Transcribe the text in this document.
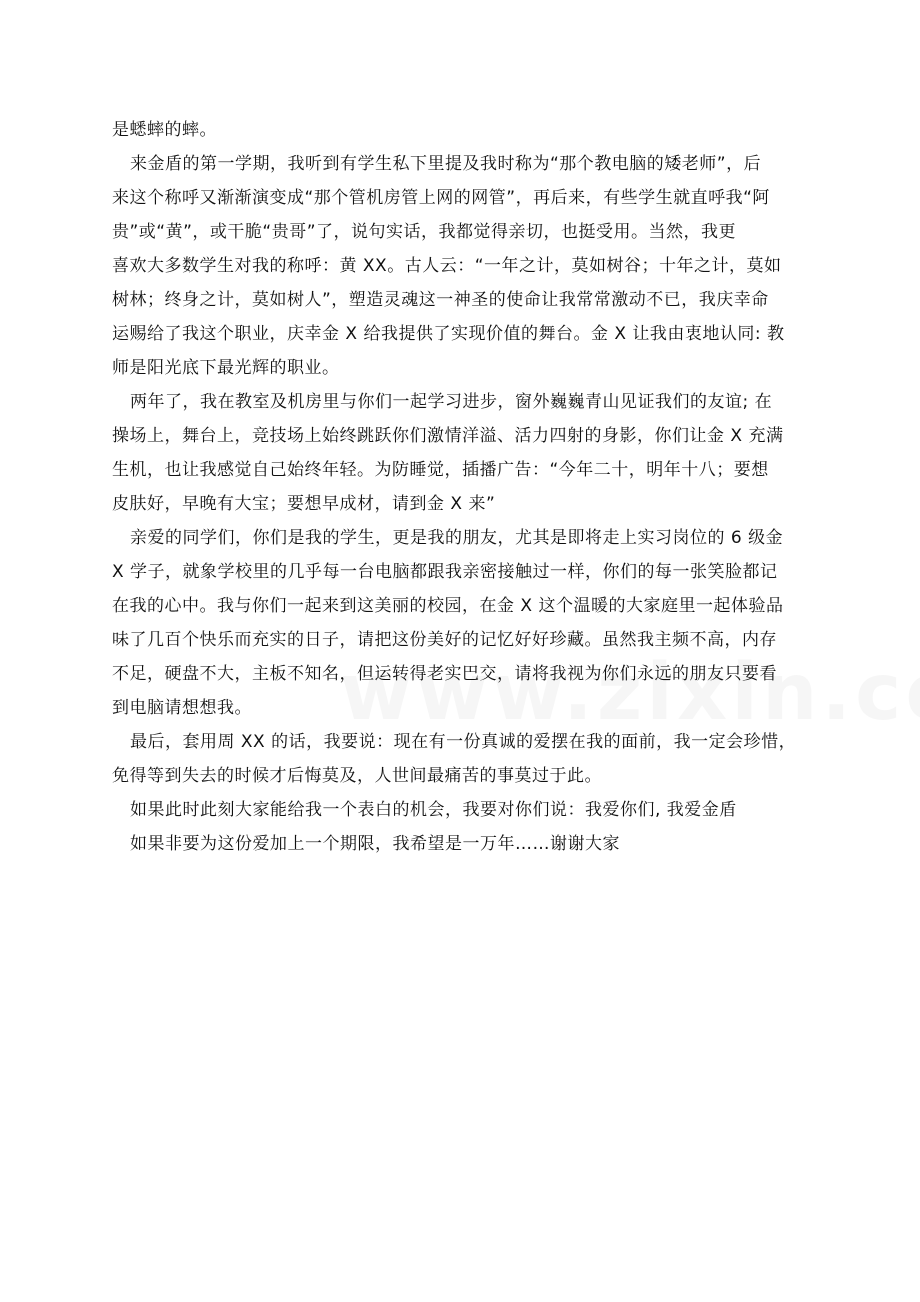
是蟋蟀的蟀。
来金盾的第一学期，我听到有学生私下里提及我时称为“那个教电脑的矮老师”，后
来这个称呼又渐渐演变成“那个管机房管上网的网管”，再后来，有些学生就直呼我“阿
贵”或“黄”，或干脆“贵哥”了，说句实话，我都觉得亲切，也挺受用。当然，我更
喜欢大多数学生对我的称呼：黄 XX。古人云：“一年之计，莫如树谷；十年之计，莫如
树林；终身之计，莫如树人”，塑造灵魂这一神圣的使命让我常常激动不已，我庆幸命
运赐给了我这个职业，庆幸金 X 给我提供了实现价值的舞台。金 X 让我由衷地认同: 教
师是阳光底下最光辉的职业。
两年了，我在教室及机房里与你们一起学习进步，窗外巍巍青山见证我们的友谊; 在
操场上，舞台上，竞技场上始终跳跃你们激情洋溢、活力四射的身影，你们让金 X 充满
生机，也让我感觉自己始终年轻。为防睡觉，插播广告：“今年二十，明年十八；要想
皮肤好，早晚有大宝；要想早成材，请到金 X 来”
亲爱的同学们，你们是我的学生，更是我的朋友，尤其是即将走上实习岗位的 6 级金
X 学子，就象学校里的几乎每一台电脑都跟我亲密接触过一样，你们的每一张笑脸都记
在我的心中。我与你们一起来到这美丽的校园，在金 X 这个温暖的大家庭里一起体验品
味了几百个快乐而充实的日子，请把这份美好的记忆好好珍藏。虽然我主频不高，内存
不足，硬盘不大，主板不知名，但运转得老实巴交，请将我视为你们永远的朋友只要看
到电脑请想想我。
最后，套用周 XX 的话，我要说：现在有一份真诚的爱摆在我的面前，我一定会珍惜，
免得等到失去的时候才后悔莫及，人世间最痛苦的事莫过于此。
如果此时此刻大家能给我一个表白的机会，我要对你们说：我爱你们, 我爱金盾
如果非要为这份爱加上一个期限，我希望是一万年……谢谢大家
